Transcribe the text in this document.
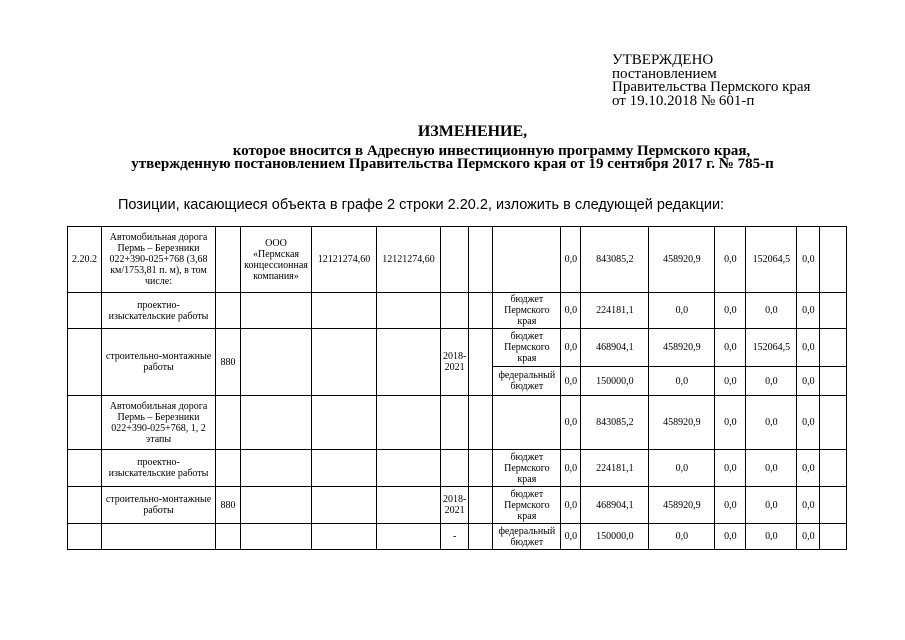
УТВЕРЖДЕНО
постановлением
Правительства Пермского края
от 19.10.2018 № 601-п
ИЗМЕНЕНИЕ,
которое вносится в Адресную инвестиционную программу Пермского края,
утвержденную постановлением Правительства Пермского края от 19 сентября 2017 г. № 785-п
Позиции, касающиеся объекта в графе 2 строки 2.20.2, изложить в следующей редакции:
2.20.2	Автомобильная дорога Пермь – Березники 022+390-025+768 (3,68 км/1753,81 п. м), в том числе:		ООО «Пермская концессионная компания»	12121274,60	12121274,60				0,0	843085,2	458920,9	0,0	152064,5	0,0	
	проектно-изыскательские работы							бюджет Пермского края	0,0	224181,1	0,0	0,0	0,0	0,0	
	строительно-монтажные работы	880				2018-2021		бюджет Пермского края	0,0	468904,1	458920,9	0,0	152064,5	0,0	
								федеральный бюджет	0,0	150000,0	0,0	0,0	0,0	0,0	
	Автомобильная дорога Пермь – Березники 022+390-025+768, 1, 2 этапы								0,0	843085,2	458920,9	0,0	0,0	0,0	
	проектно-изыскательские работы							бюджет Пермского края	0,0	224181,1	0,0	0,0	0,0	0,0	
	строительно-монтажные работы	880				2018-2021		бюджет Пермского края	0,0	468904,1	458920,9	0,0	0,0	0,0	
						-		федеральный бюджет	0,0	150000,0	0,0	0,0	0,0	0,0	
